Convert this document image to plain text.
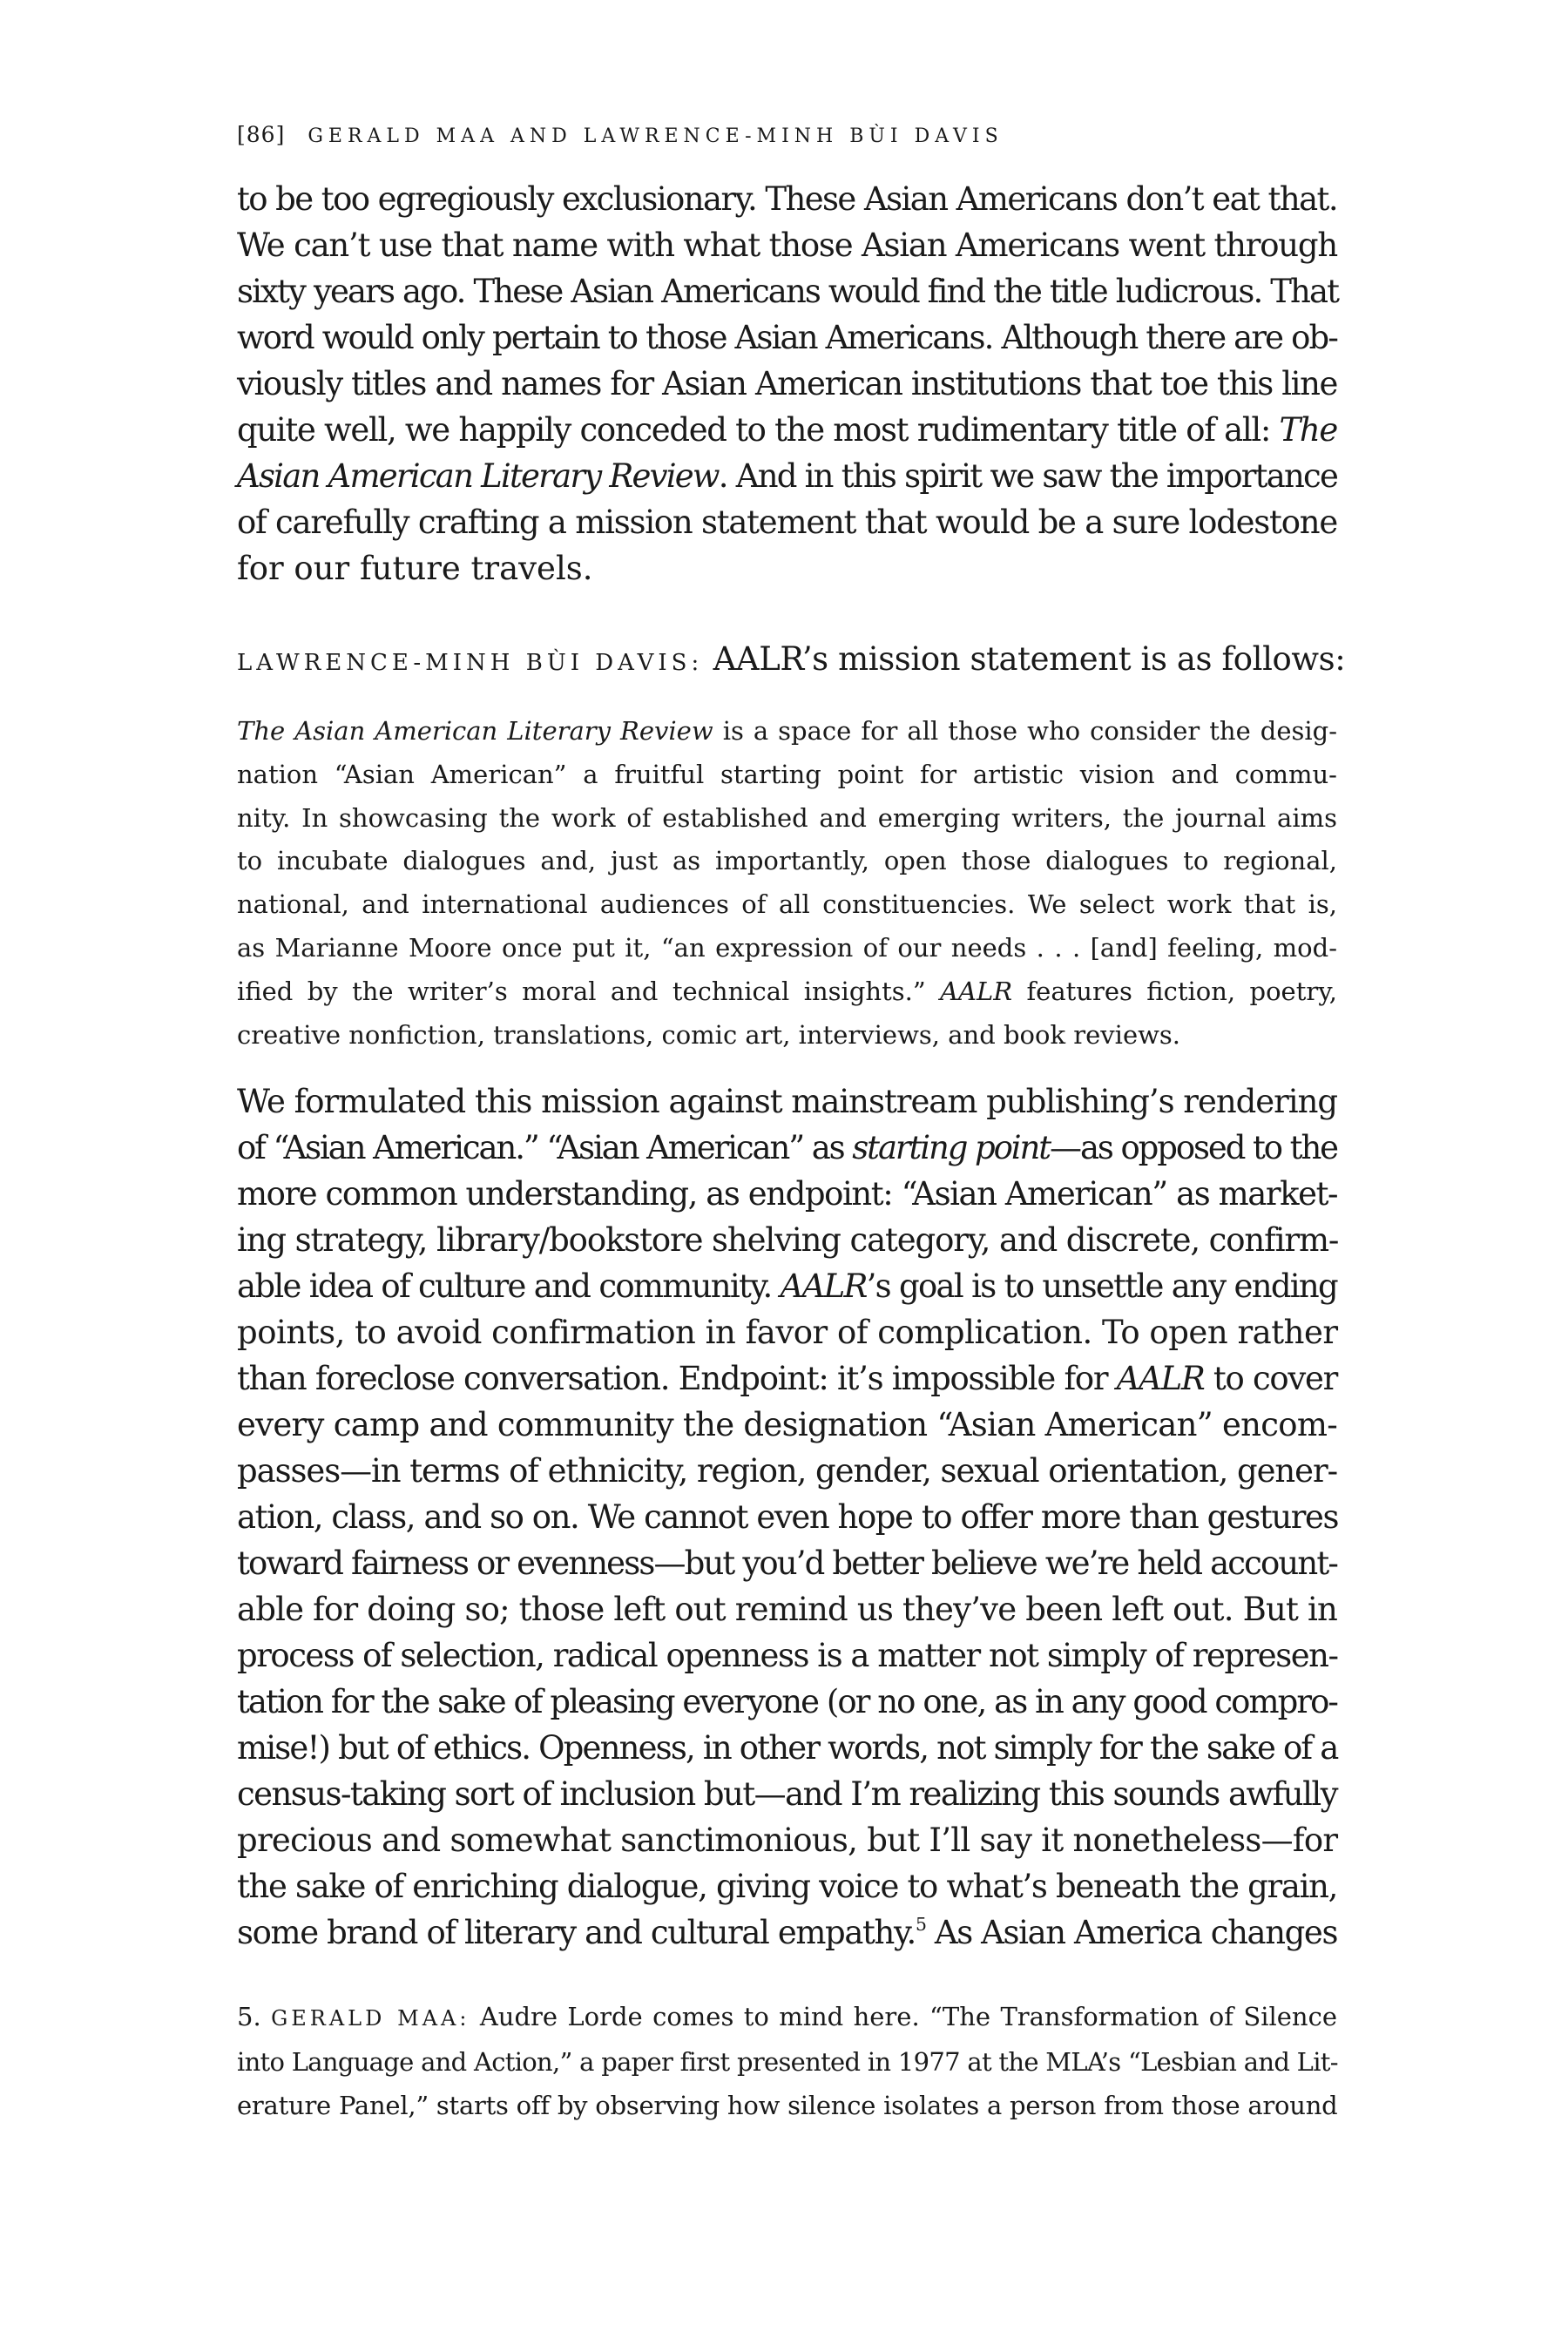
[86] GERALD MAA AND LAWRENCE-MINH BÙI DAVIS
to be too egregiously exclusionary. These Asian Americans don’t eat that.
We can’t use that name with what those Asian Americans went through
sixty years ago. These Asian Americans would find the title ludicrous. That
word would only pertain to those Asian Americans. Although there are ob-
viously titles and names for Asian American institutions that toe this line
quite well, we happily conceded to the most rudimentary title of all: The
Asian American Literary Review. And in this spirit we saw the importance
of carefully crafting a mission statement that would be a sure lodestone
for our future travels.
LAWRENCE-MINH BÙI DAVIS: AALR’s mission statement is as follows:
The Asian American Literary Review is a space for all those who consider the desig-
nation “Asian American” a fruitful starting point for artistic vision and commu-
nity. In showcasing the work of established and emerging writers, the journal aims
to incubate dialogues and, just as importantly, open those dialogues to regional,
national, and international audiences of all constituencies. We select work that is,
as Marianne Moore once put it, “an expression of our needs . . . [and] feeling, mod-
ified by the writer’s moral and technical insights.” AALR features fiction, poetry,
creative nonfiction, translations, comic art, interviews, and book reviews.
We formulated this mission against mainstream publishing’s rendering
of “Asian American.” “Asian American” as starting point—as opposed to the
more common understanding, as endpoint: “Asian American” as market-
ing strategy, library/bookstore shelving category, and discrete, confirm-
able idea of culture and community. AALR’s goal is to unsettle any ending
points, to avoid confirmation in favor of complication. To open rather
than foreclose conversation. Endpoint: it’s impossible for AALR to cover
every camp and community the designation “Asian American” encom-
passes—in terms of ethnicity, region, gender, sexual orientation, gener-
ation, class, and so on. We cannot even hope to offer more than gestures
toward fairness or evenness—but you’d better believe we’re held account-
able for doing so; those left out remind us they’ve been left out. But in
process of selection, radical openness is a matter not simply of represen-
tation for the sake of pleasing everyone (or no one, as in any good compro-
mise!) but of ethics. Openness, in other words, not simply for the sake of a
census-taking sort of inclusion but—and I’m realizing this sounds awfully
precious and somewhat sanctimonious, but I’ll say it nonetheless—for
the sake of enriching dialogue, giving voice to what’s beneath the grain,
some brand of literary and cultural empathy.$^5$ As Asian America changes
5. GERALD MAA: Audre Lorde comes to mind here. “The Transformation of Silence
into Language and Action,” a paper first presented in 1977 at the MLA’s “Lesbian and Lit-
erature Panel,” starts off by observing how silence isolates a person from those around
